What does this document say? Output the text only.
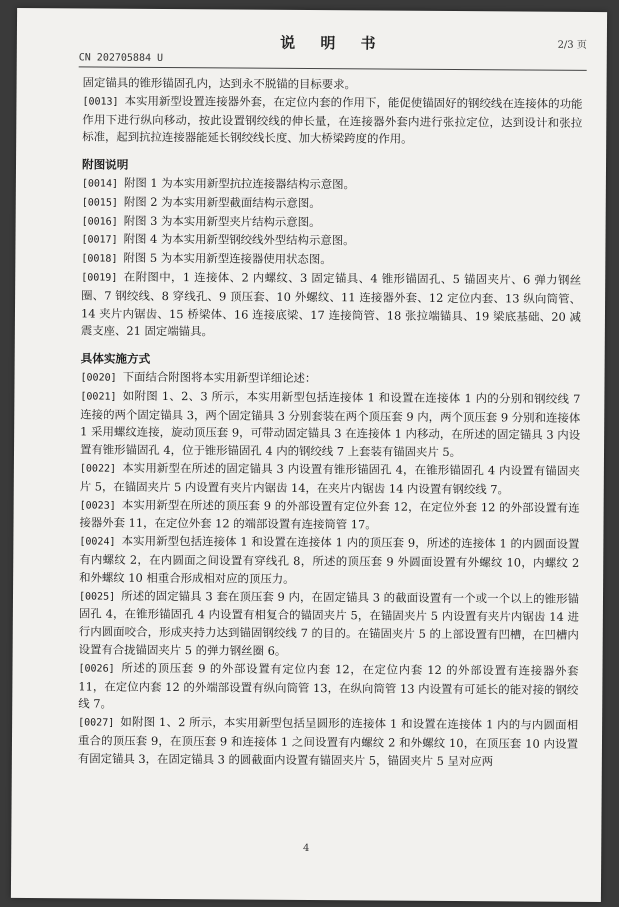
说 明 书	2/3 页
CN 202705884 U

固定锚具的锥形锚固孔内，达到永不脱锚的目标要求。

[0013] 本实用新型设置连接器外套，在定位内套的作用下，能促使锚固好的钢绞线在连接体的功能作用下进行纵向移动，按此设置钢绞线的伸长量，在连接器外套内进行张拉定位，达到设计和张拉标准，起到抗拉连接器能延长钢绞线长度、加大桥梁跨度的作用。

附图说明

[0014] 附图 1 为本实用新型抗拉连接器结构示意图。

[0015] 附图 2 为本实用新型截面结构示意图。

[0016] 附图 3 为本实用新型夹片结构示意图。

[0017] 附图 4 为本实用新型钢绞线外型结构示意图。

[0018] 附图 5 为本实用新型连接器使用状态图。

[0019] 在附图中，1 连接体、2 内螺纹、3 固定锚具、4 锥形锚固孔、5 锚固夹片、6 弹力钢丝圈、7 钢绞线、8 穿线孔、9 顶压套、10 外螺纹、11 连接器外套、12 定位内套、13 纵向筒管、14 夹片内锯齿、15 桥梁体、16 连接底梁、17 连接筒管、18 张拉端锚具、19 梁底基础、20 减震支座、21 固定端锚具。

具体实施方式

[0020] 下面结合附图将本实用新型详细论述：

[0021] 如附图 1、2、3 所示，本实用新型包括连接体 1 和设置在连接体 1 内的分别和钢绞线 7 连接的两个固定锚具 3，两个固定锚具 3 分别套装在两个顶压套 9 内，两个顶压套 9 分别和连接体 1 采用螺纹连接，旋动顶压套 9，可带动固定锚具 3 在连接体 1 内移动，在所述的固定锚具 3 内设置有锥形锚固孔 4，位于锥形锚固孔 4 内的钢绞线 7 上套装有锚固夹片 5。

[0022] 本实用新型在所述的固定锚具 3 内设置有锥形锚固孔 4，在锥形锚固孔 4 内设置有锚固夹片 5，在锚固夹片 5 内设置有夹片内锯齿 14，在夹片内锯齿 14 内设置有钢绞线 7。

[0023] 本实用新型在所述的顶压套 9 的外部设置有定位外套 12，在定位外套 12 的外部设置有连接器外套 11，在定位外套 12 的端部设置有连接筒管 17。

[0024] 本实用新型包括连接体 1 和设置在连接体 1 内的顶压套 9，所述的连接体 1 的内圆面设置有内螺纹 2，在内圆面之间设置有穿线孔 8，所述的顶压套 9 外圆面设置有外螺纹 10，内螺纹 2 和外螺纹 10 相重合形成相对应的顶压力。

[0025] 所述的固定锚具 3 套在顶压套 9 内，在固定锚具 3 的截面设置有一个或一个以上的锥形锚固孔 4，在锥形锚固孔 4 内设置有相复合的锚固夹片 5，在锚固夹片 5 内设置有夹片内锯齿 14 进行内圆面咬合，形成夹持力达到锚固钢绞线 7 的目的。在锚固夹片 5 的上部设置有凹槽，在凹槽内设置有合拢锚固夹片 5 的弹力钢丝圈 6。

[0026] 所述的顶压套 9 的外部设置有定位内套 12，在定位内套 12 的外部设置有连接器外套 11，在定位内套 12 的外端部设置有纵向筒管 13，在纵向筒管 13 内设置有可延长的能对接的钢绞线 7。

[0027] 如附图 1、2 所示，本实用新型包括呈圆形的连接体 1 和设置在连接体 1 内的与内圆面相重合的顶压套 9，在顶压套 9 和连接体 1 之间设置有内螺纹 2 和外螺纹 10，在顶压套 10 内设置有固定锚具 3，在固定锚具 3 的圆截面内设置有锚固夹片 5，锚固夹片 5 呈对应两

4
